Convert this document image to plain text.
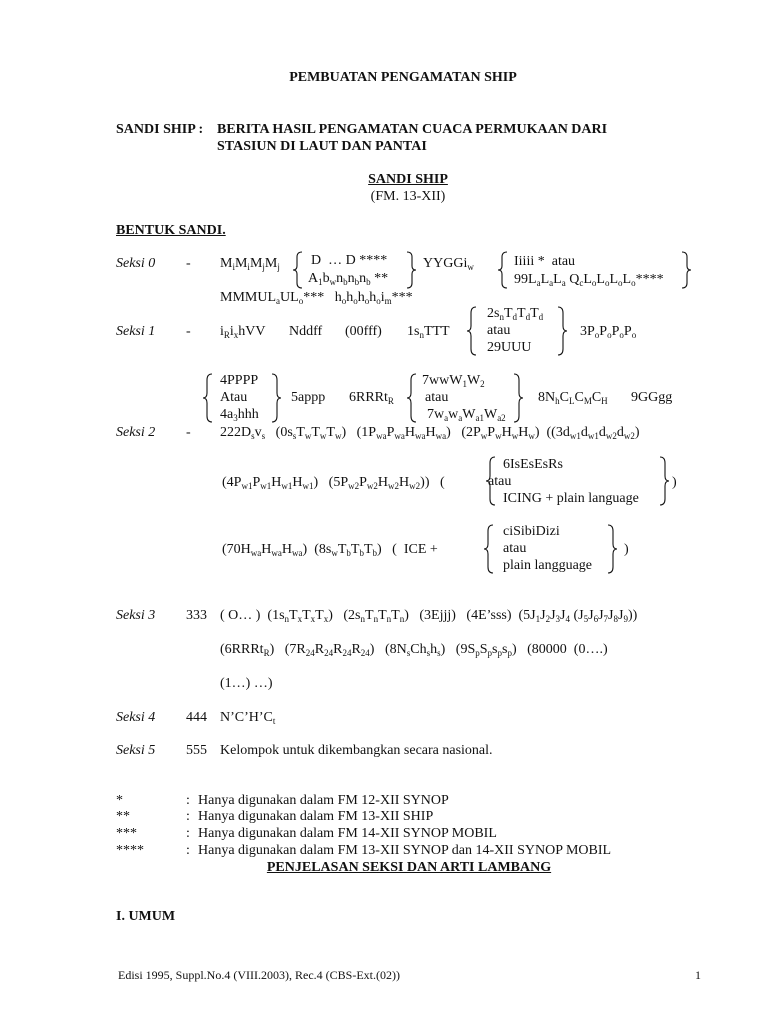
PEMBUATAN PENGAMATAN SHIP
SANDI SHIP : BERITA HASIL PENGAMATAN CUACA PERMUKAAN DARI
STASIUN DI LAUT DAN PANTAI
SANDI SHIP
(FM. 13-XII)
BENTUK SANDI.
Seksi $0 - M_iM_iM_jM_j$ D  … D ****
$A_1b_wn_bn_bn_b$ **
YYGGi$_w$	Iiiii *  atau
$99L_aL_aL_a$ $Q_cL_oL_oL_oL_o****$
$MMMUL_aUL_o***$   $h_oh_oh_oh_oi_m***$
Seksi $1 - i_Ri_xhVV$ Nddff (00fff) $1s_nTTT$
$2s_nT_dT_dT_d$
atau
29UUU
$3P_oP_oP_oP_o$
4PPPP
Atau
$4a_3hhh$
5appp 6RRRt$_R$
$7wwW_1W_2$
atau
$7w_aw_aW_{a1}W_{a2}$
$8N_hC_LC_MC_H$ 9GGgg
Seksi $2 - 222D_sv_s$   $(0s_sT_wT_wT_w)$   $(1P_{wa}P_{wa}H_{wa}H_{wa})$   $(2P_wP_wH_wH_w)$  ($(3d_{w1}d_{w1}d_{w2}d_{w2})$
$(4P_{w1}P_{w1}H_{w1}H_{w1})$   $(5P_{w2}P_{w2}H_{w2}H_{w2})$)   (
6IsEsEsRs
atau
ICING + plain language
)
$(70H_{wa}H_{wa}H_{wa})$  $(8s_wT_bT_bT_b)$   (  ICE +
ciSibiDizi
atau
plain langguage
)
Seksi 3 333 ( O… )  $(1s_nT_xT_xT_x)$   $(2s_nT_nT_nT_n)$   (3Ejjj)   (4E’sss)  ($5J_1J_2J_3J_4$ $(J_5J_6J_7J_8J_9)$)
(6RRRt$_R$)   $(7R_{24}R_{24}R_{24}R_{24})$   $(8N_sCh_sh_s)$   $(9S_pS_ps_ps_p)$   (80000  (0….)
(1…) …)
Seksi 4 444 $N’C’H’C_t$
Seksi 5 555 Kelompok untuk dikembangkan secara nasional.
*	: Hanya digunakan dalam FM 12-XII SYNOP
**	: Hanya digunakan dalam FM 13-XII SHIP
***	: Hanya digunakan dalam FM 14-XII SYNOP MOBIL
****	: Hanya digunakan dalam FM 13-XII SYNOP dan 14-XII SYNOP MOBIL
PENJELASAN SEKSI DAN ARTI LAMBANG
I. UMUM
Edisi 1995, Suppl.No.4 (VIII.2003), Rec.4 (CBS-Ext.(02))	1
